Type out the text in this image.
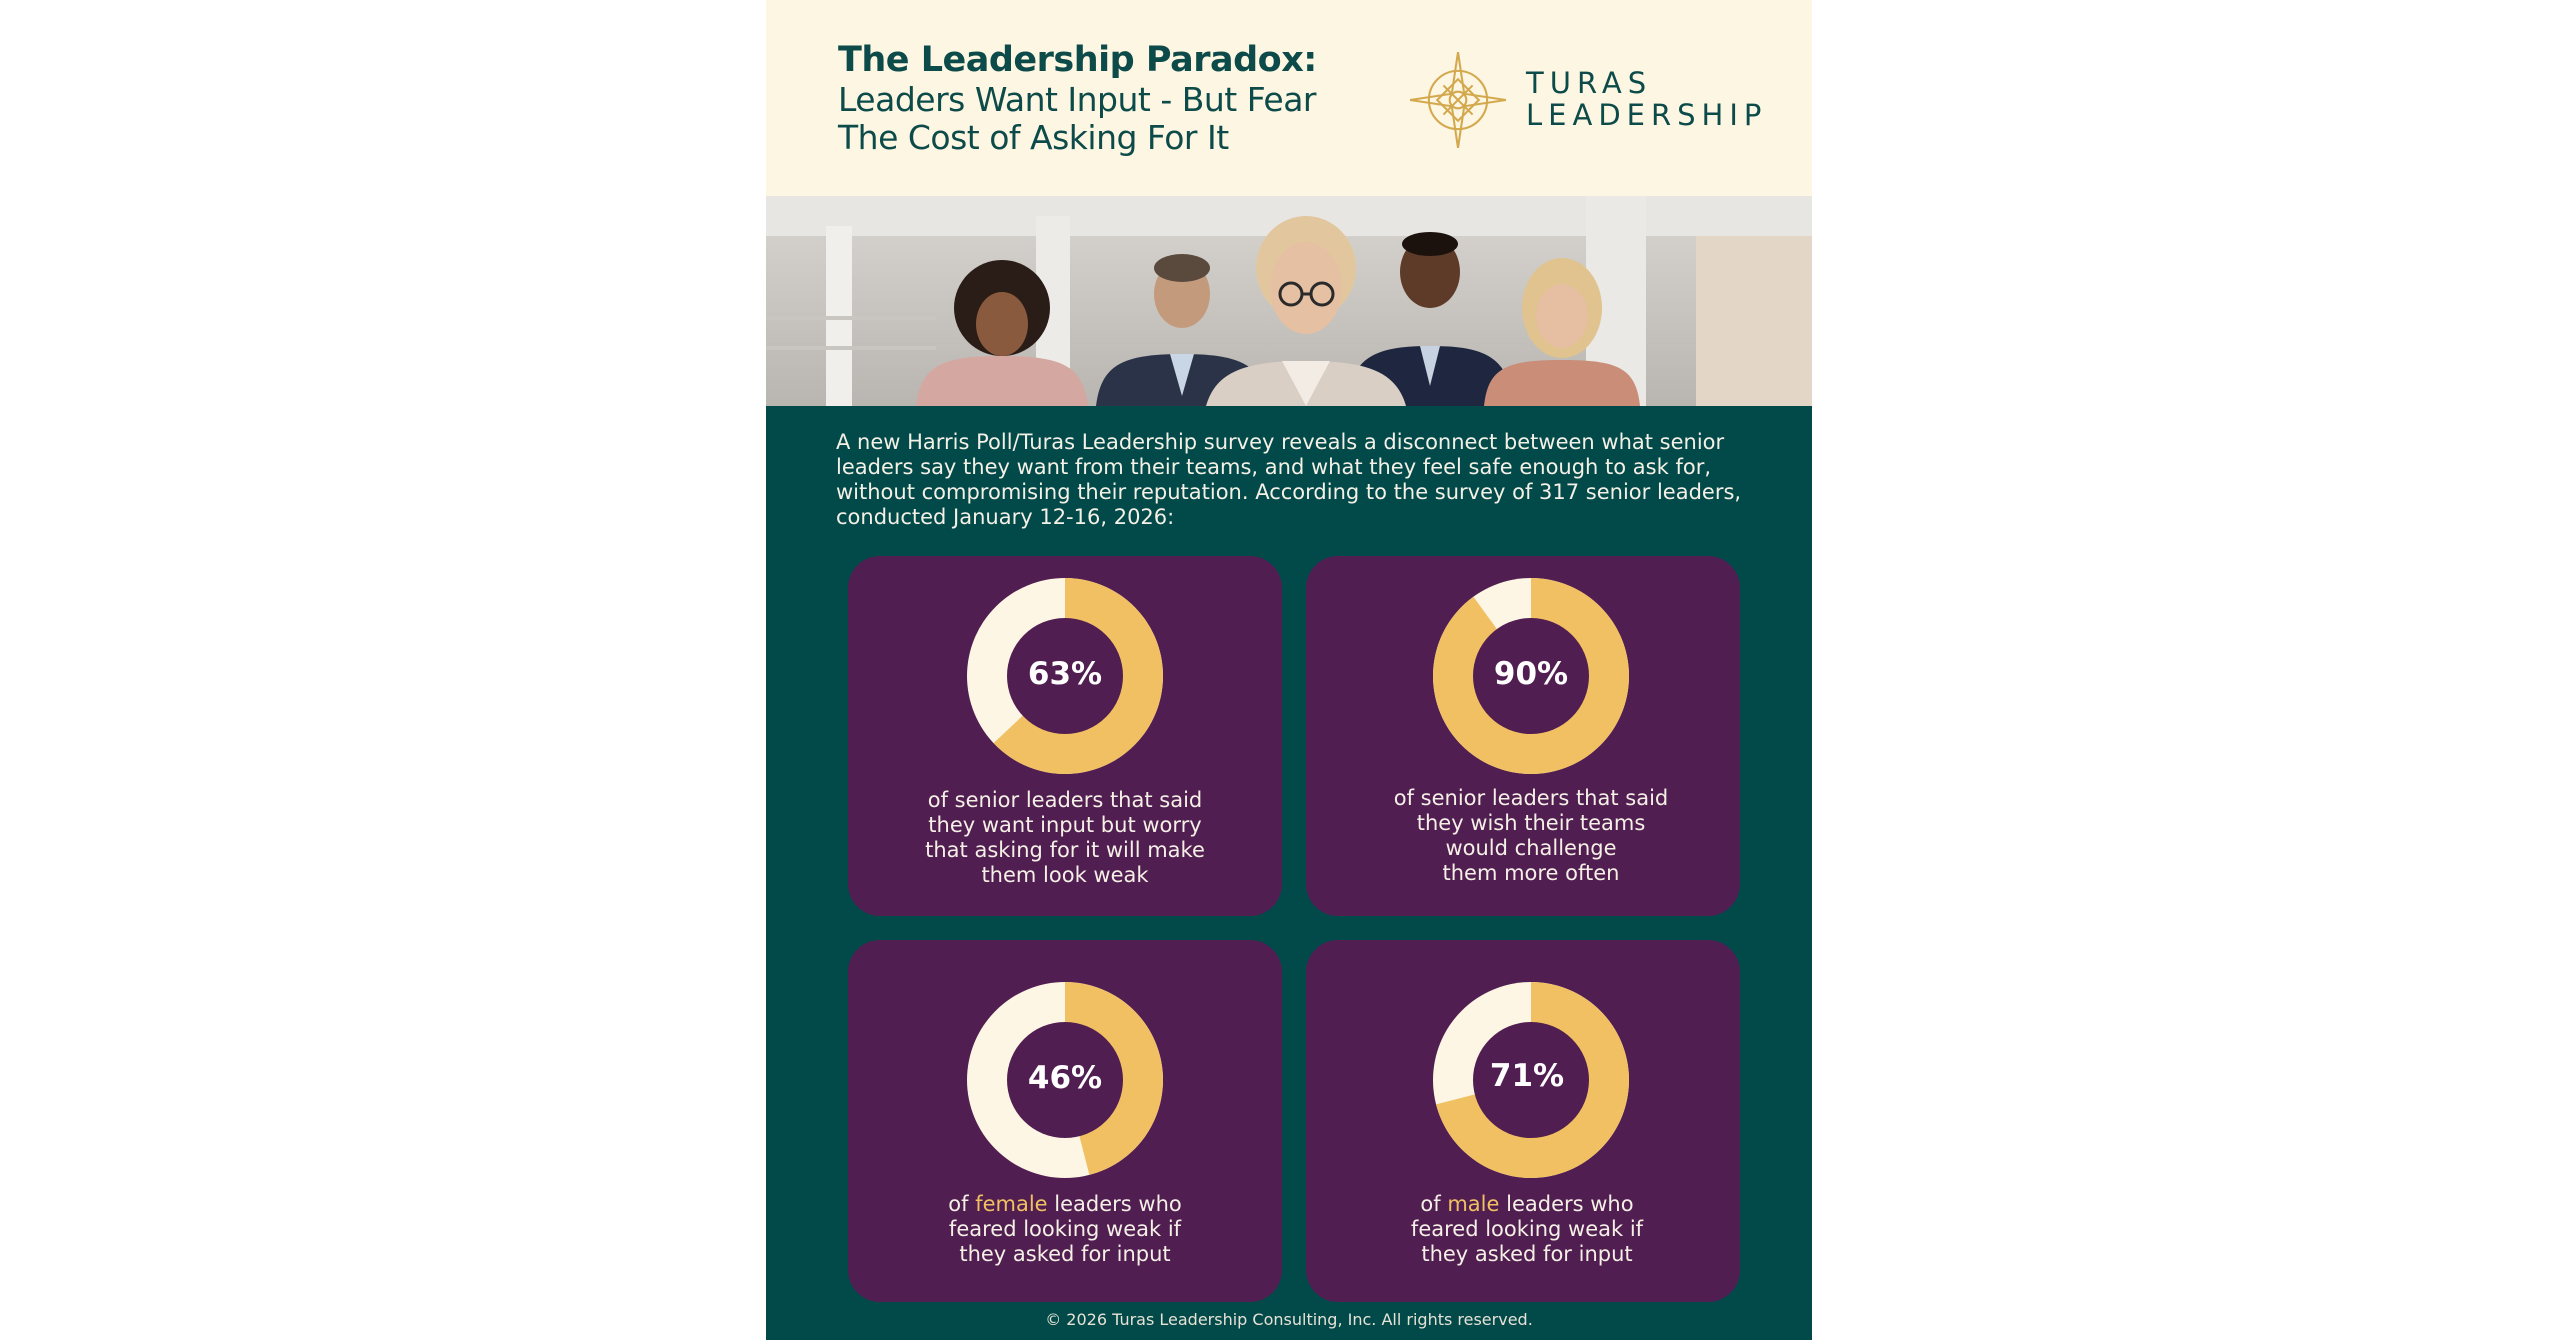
The Leadership Paradox:
Leaders Want Input - But Fear
The Cost of Asking For It
TURAS
LEADERSHIP
A new Harris Poll/Turas Leadership survey reveals a disconnect between what senior
leaders say they want from their teams, and what they feel safe enough to ask for,
without compromising their reputation. According to the survey of 317 senior leaders,
conducted January 12-16, 2026:
63%
of senior leaders that said
they want input but worry
that asking for it will make
them look weak
90%
of senior leaders that said
they wish their teams
would challenge
them more often
46%
of female leaders who
feared looking weak if
they asked for input
71%
of male leaders who
feared looking weak if
they asked for input
© 2026 Turas Leadership Consulting, Inc. All rights reserved.
